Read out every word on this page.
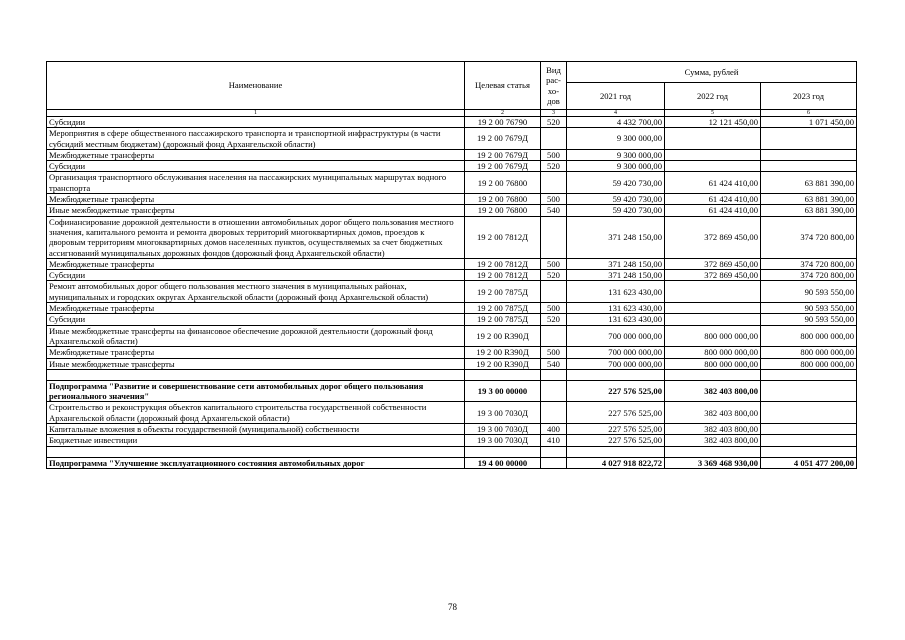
Наименование	Целевая статья	Вид рас-хо-дов	Сумма, рублей		
			2021 год	2022 год	2023 год
1	2	3	4	5	6
Субсидии	19 2 00 76790	520	4 432 700,00	12 121 450,00	1 071 450,00
Мероприятия в сфере общественного пассажирского транспорта и транспортной инфраструктуры (в части субсидий местным бюджетам) (дорожный фонд Архангельской области)	19 2 00 7679Д		9 300 000,00		
Межбюджетные трансферты	19 2 00 7679Д	500	9 300 000,00		
Субсидии	19 2 00 7679Д	520	9 300 000,00		
Организация транспортного обслуживания населения на пассажирских муниципальных маршрутах водного транспорта	19 2 00 76800		59 420 730,00	61 424 410,00	63 881 390,00
Межбюджетные трансферты	19 2 00 76800	500	59 420 730,00	61 424 410,00	63 881 390,00
Иные межбюджетные трансферты	19 2 00 76800	540	59 420 730,00	61 424 410,00	63 881 390,00
Софинансирование дорожной деятельности в отношении автомобильных дорог общего пользования местного значения, капитального ремонта и ремонта дворовых территорий многоквартирных домов, проездов к дворовым территориям многоквартирных домов населенных пунктов, осуществляемых за счет бюджетных ассигнований муниципальных дорожных фондов (дорожный фонд Архангельской области)	19 2 00 7812Д		371 248 150,00	372 869 450,00	374 720 800,00
Межбюджетные трансферты	19 2 00 7812Д	500	371 248 150,00	372 869 450,00	374 720 800,00
Субсидии	19 2 00 7812Д	520	371 248 150,00	372 869 450,00	374 720 800,00
Ремонт автомобильных дорог общего пользования местного значения в муниципальных районах, муниципальных и городских округах Архангельской области (дорожный фонд Архангельской области)	19 2 00 7875Д		131 623 430,00		90 593 550,00
Межбюджетные трансферты	19 2 00 7875Д	500	131 623 430,00		90 593 550,00
Субсидии	19 2 00 7875Д	520	131 623 430,00		90 593 550,00
Иные межбюджетные трансферты на финансовое обеспечение дорожной деятельности (дорожный фонд Архангельской области)	19 2 00 R390Д		700 000 000,00	800 000 000,00	800 000 000,00
Межбюджетные трансферты	19 2 00 R390Д	500	700 000 000,00	800 000 000,00	800 000 000,00
Иные межбюджетные трансферты	19 2 00 R390Д	540	700 000 000,00	800 000 000,00	800 000 000,00

Подпрограмма "Развитие и совершенствование сети автомобильных дорог общего пользования регионального значения"	19 3 00 00000		227 576 525,00	382 403 800,00	
Строительство и реконструкция объектов капитального строительства государственной собственности Архангельской области (дорожный фонд Архангельской области)	19 3 00 7030Д		227 576 525,00	382 403 800,00	
Капитальные вложения в объекты государственной (муниципальной) собственности	19 3 00 7030Д	400	227 576 525,00	382 403 800,00	
Бюджетные инвестиции	19 3 00 7030Д	410	227 576 525,00	382 403 800,00	

Подпрограмма "Улучшение эксплуатационного состояния автомобильных дорог	19 4 00 00000		4 027 918 822,72	3 369 468 930,00	4 051 477 200,00
78
